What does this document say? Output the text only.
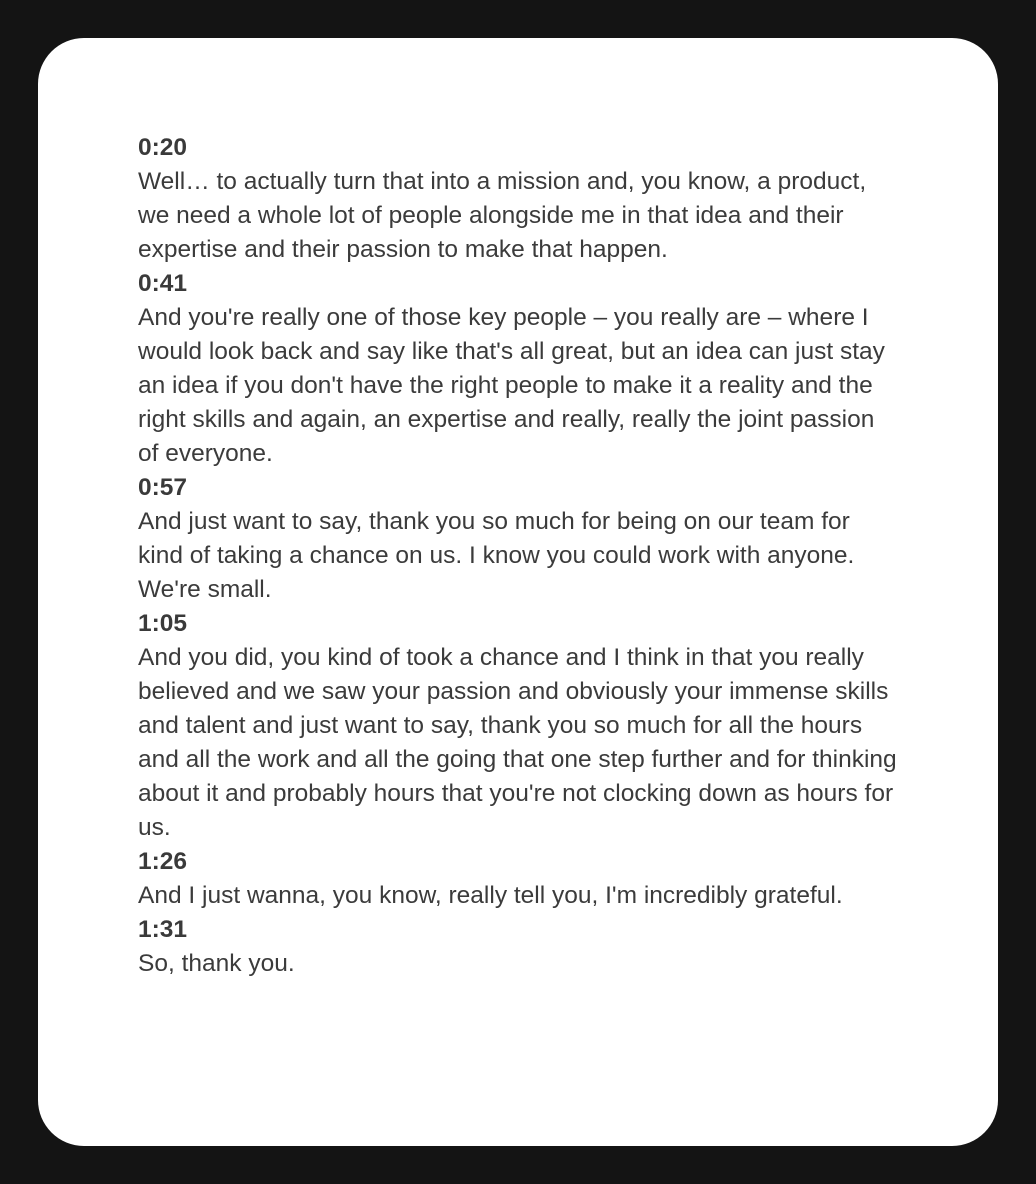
0:20
Well… to actually turn that into a mission and, you know, a product, we need a whole lot of people alongside me in that idea and their expertise and their passion to make that happen.
0:41
And you're really one of those key people – you really are – where I would look back and say like that's all great, but an idea can just stay an idea if you don't have the right people to make it a reality and the right skills and again, an expertise and really, really the joint passion of everyone.
0:57
And just want to say, thank you so much for being on our team for kind of taking a chance on us. I know you could work with anyone. We're small.
1:05
And you did, you kind of took a chance and I think in that you really believed and we saw your passion and obviously your immense skills and talent and just want to say, thank you so much for all the hours and all the work and all the going that one step further and for thinking about it and probably hours that you're not clocking down as hours for us.
1:26
And I just wanna, you know, really tell you, I'm incredibly grateful.
1:31
So, thank you.
